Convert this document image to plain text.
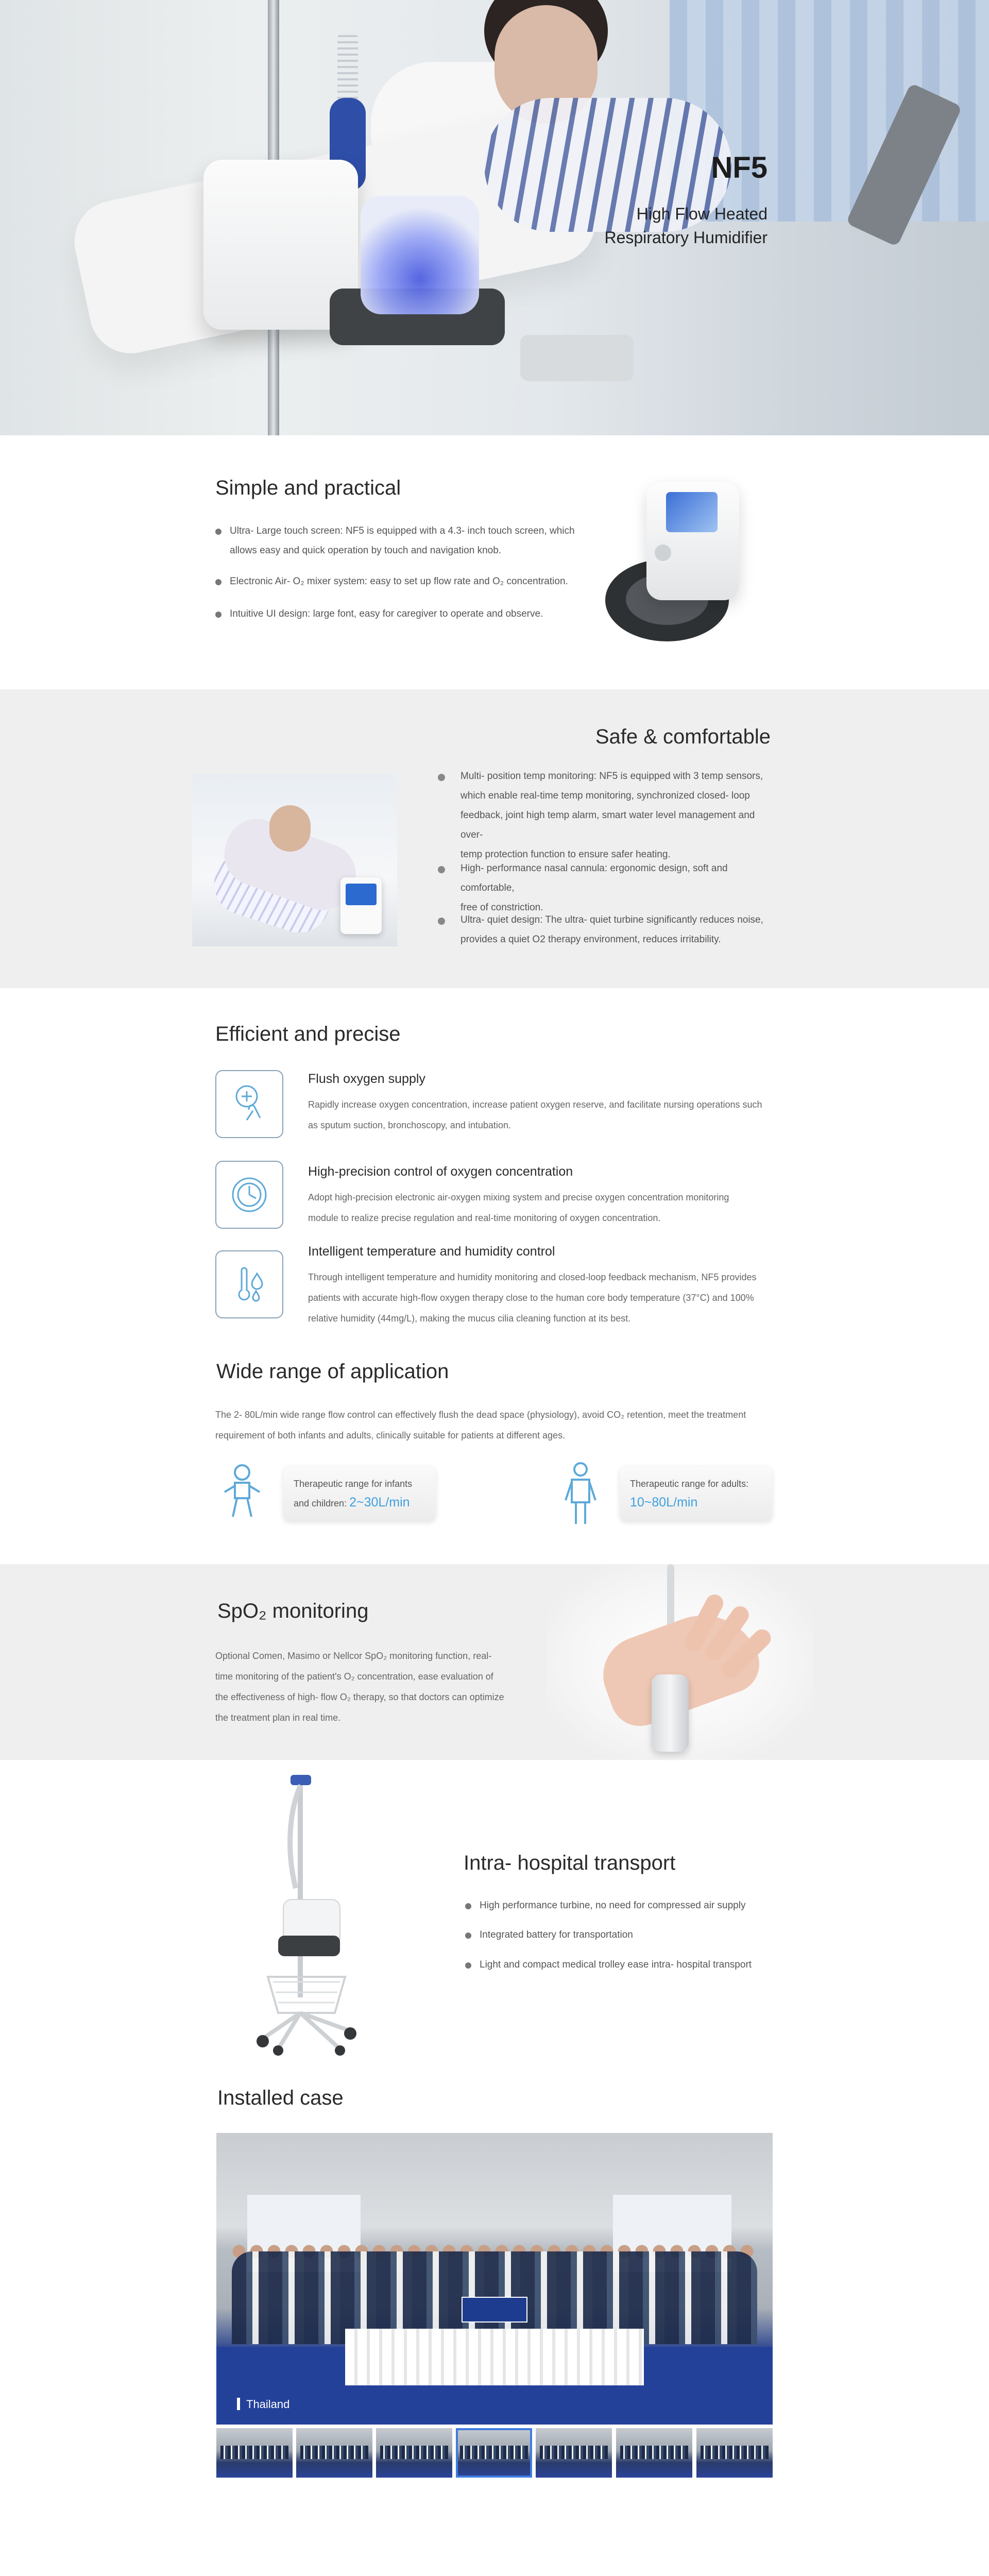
NF5
High Flow Heated
Respiratory Humidifier
Simple and practical
Ultra- Large touch screen: NF5 is equipped with a 4.3- inch touch screen, which
allows easy and quick operation by touch and navigation knob.
Electronic Air- O₂ mixer system: easy to set up flow rate and O₂ concentration.
Intuitive UI design: large font, easy for caregiver to operate and observe.
Safe & comfortable
Multi- position temp monitoring: NF5 is equipped with 3 temp sensors,
which enable real-time temp monitoring, synchronized closed- loop
feedback, joint high temp alarm, smart water level management and over-
temp protection function to ensure safer heating.
High- performance nasal cannula: ergonomic design, soft and comfortable,
free of constriction.
Ultra- quiet design: The ultra- quiet turbine significantly reduces noise,
provides a quiet O2 therapy environment, reduces irritability.
Efficient and precise
Flush oxygen supply
Rapidly increase oxygen concentration, increase patient oxygen reserve, and facilitate nursing operations such
as sputum suction, bronchoscopy, and intubation.
High-precision control of oxygen concentration
Adopt high-precision electronic air-oxygen mixing system and precise oxygen concentration monitoring
module to realize precise regulation and real-time monitoring of oxygen concentration.
Intelligent temperature and humidity control
Through intelligent temperature and humidity monitoring and closed-loop feedback mechanism, NF5 provides
patients with accurate high-flow oxygen therapy close to the human core body temperature (37°C) and 100%
relative humidity (44mg/L), making the mucus cilia cleaning function at its best.
Wide range of application
The 2- 80L/min wide range flow control can effectively flush the dead space (physiology), avoid CO₂ retention, meet the treatment
requirement of both infants and adults, clinically suitable for patients at different ages.
Therapeutic range for infants
and children: 2~30L/min
Therapeutic range for adults:
10~80L/min
SpO₂ monitoring
Optional Comen, Masimo or Nellcor SpO₂ monitoring function, real-
time monitoring of the patient's O₂ concentration, ease evaluation of
the effectiveness of high- flow O₂ therapy, so that doctors can optimize
the treatment plan in real time.
Intra- hospital transport
High performance turbine, no need for compressed air supply
Integrated battery for transportation
Light and compact medical trolley ease intra- hospital transport
Installed case
Thailand
